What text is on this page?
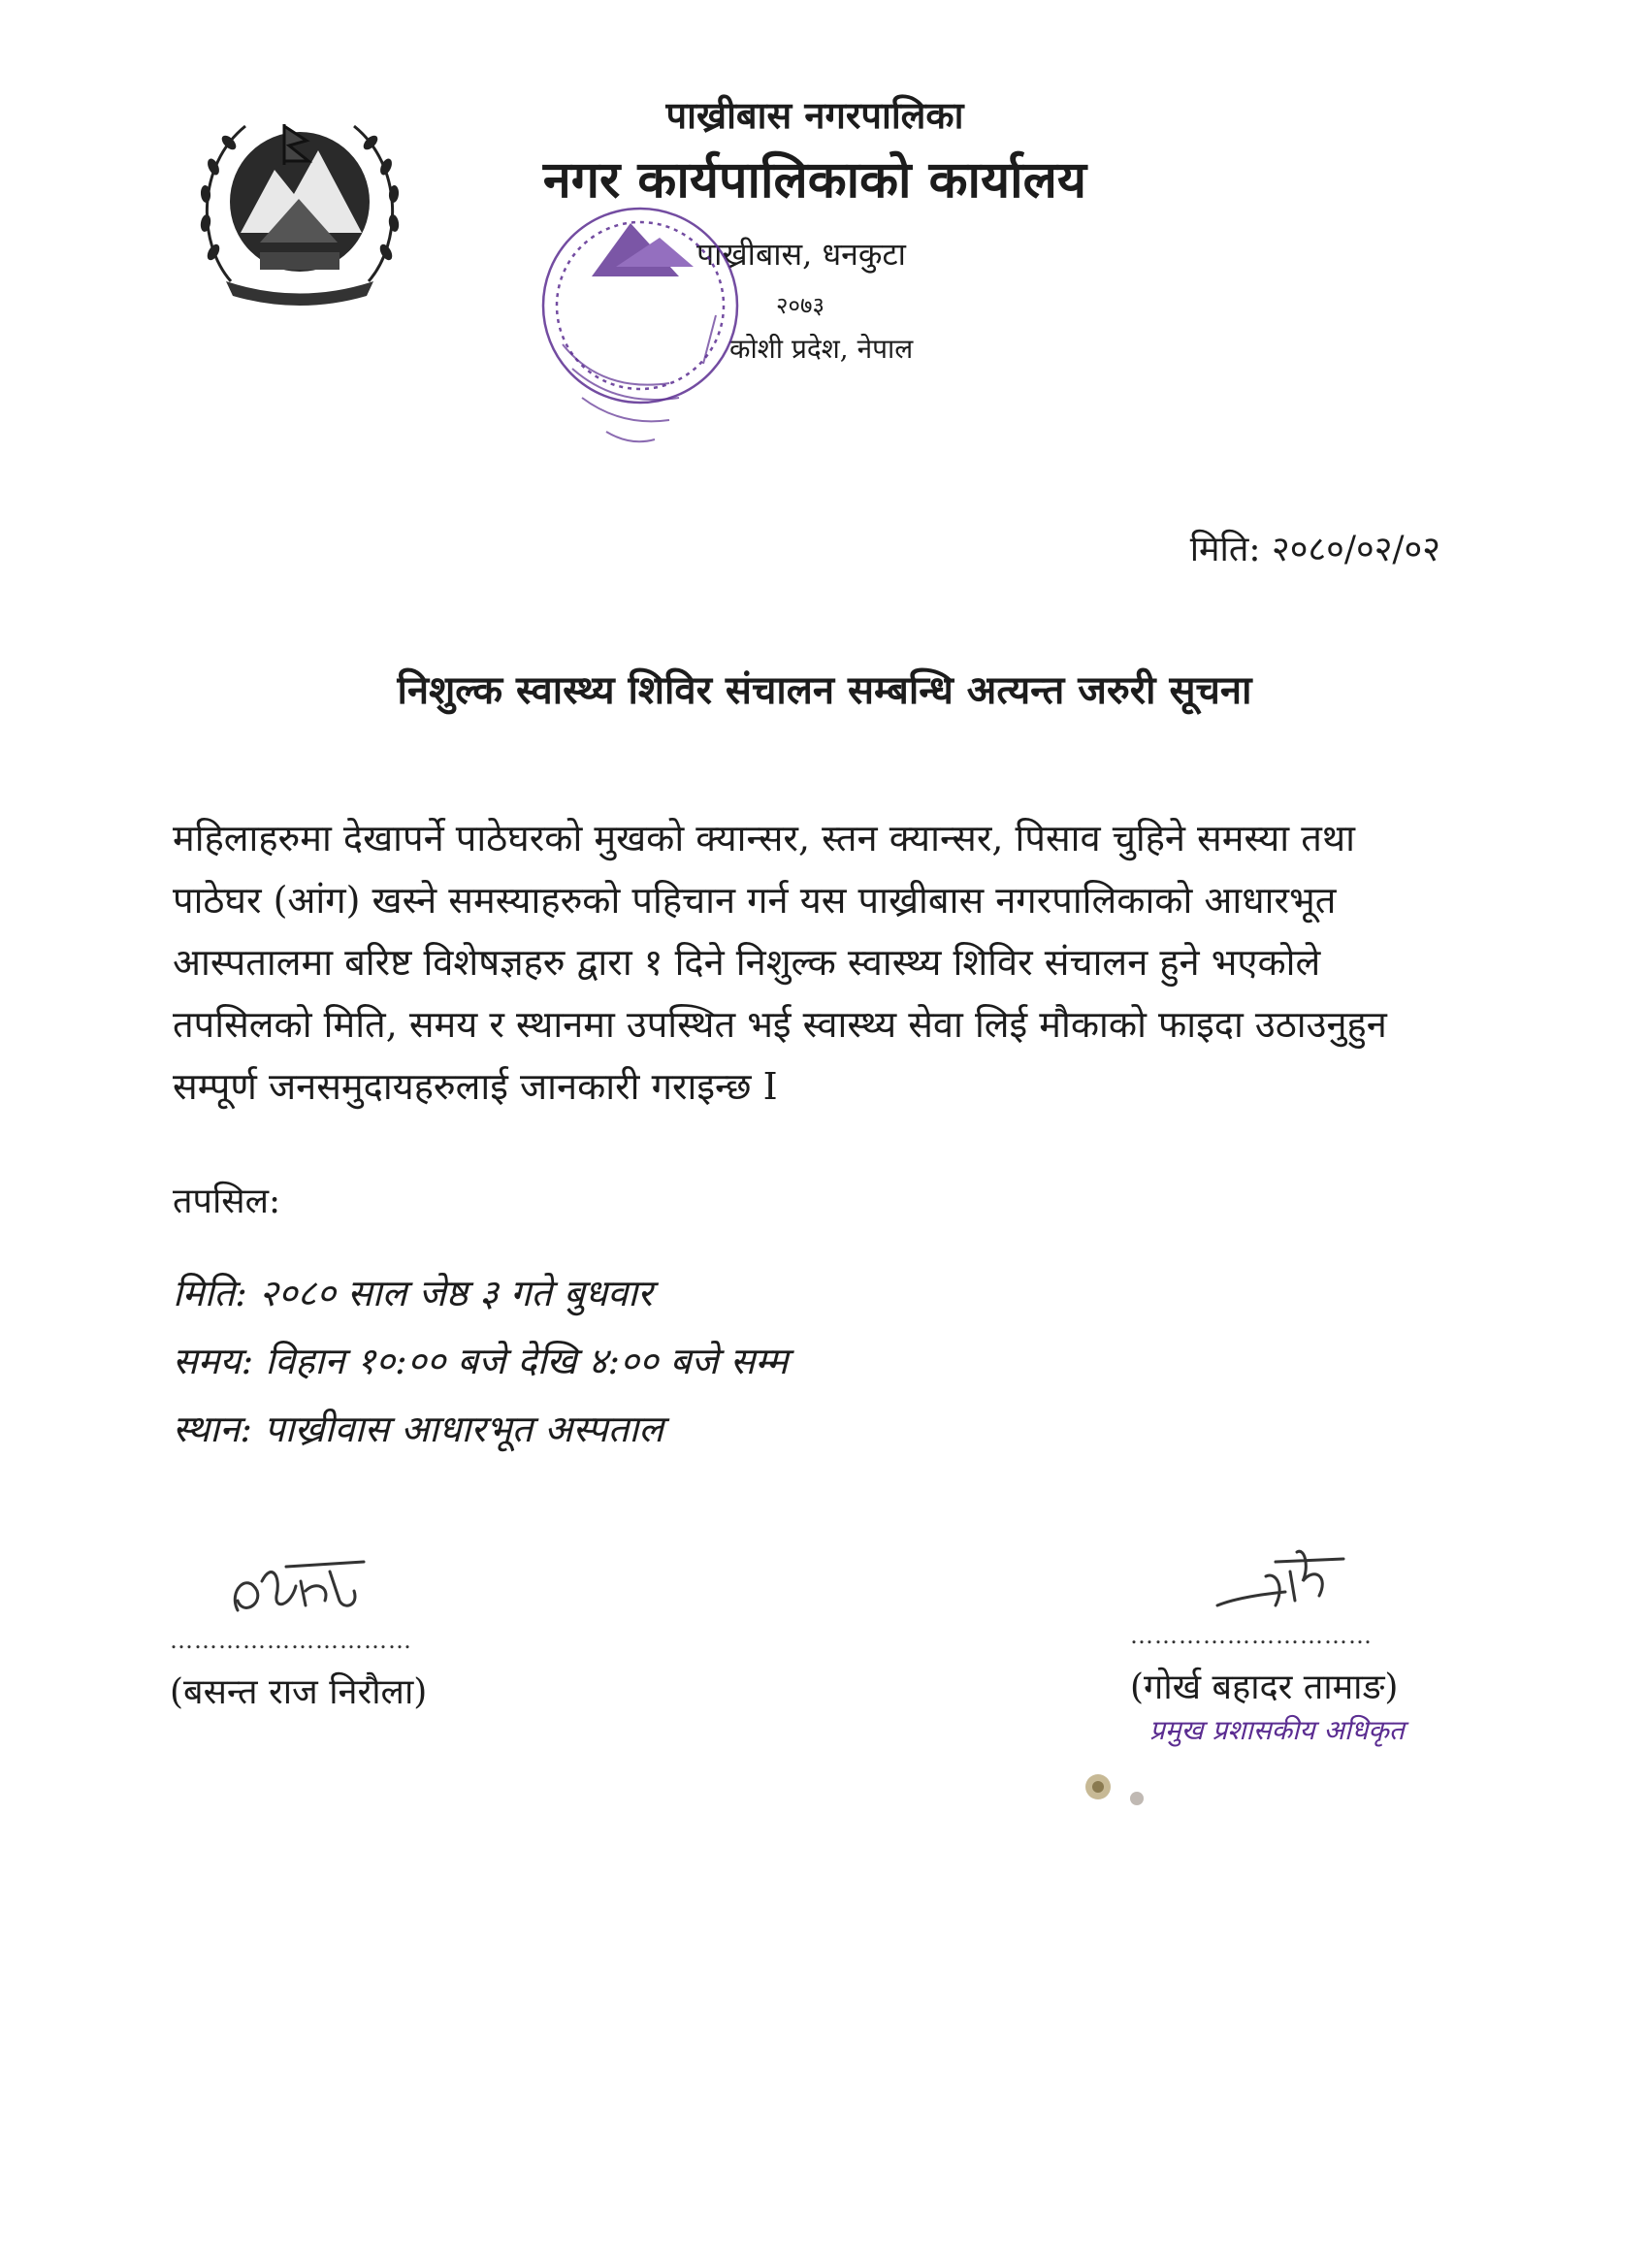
पाख्रीबास नगरपालिका
नगर कार्यपालिकाको कार्यालय
पाख्रीबास, धनकुटा
२०७३
कोशी प्रदेश, नेपाल
मिति: २०८०/०२/०२
निशुल्क स्वास्थ्य शिविर संचालन सम्बन्धि अत्यन्त जरुरी सूचना
महिलाहरुमा देखापर्ने पाठेघरको मुखको क्यान्सर, स्तन क्यान्सर, पिसाव चुहिने समस्या तथा
पाठेघर (आंग) खस्ने समस्याहरुको पहिचान गर्न यस पाख्रीबास नगरपालिकाको आधारभूत
आस्पतालमा बरिष्ट विशेषज्ञहरु द्वारा १ दिने निशुल्क स्वास्थ्य शिविर संचालन हुने भएकोले
तपसिलको मिति, समय र स्थानमा उपस्थित भई स्वास्थ्य सेवा लिई मौकाको फाइदा उठाउनुहुन
सम्पूर्ण जनसमुदायहरुलाई जानकारी गराइन्छ I
तपसिल:
मिति: २०८० साल जेष्ठ ३ गते बुधवार
समय: विहान १०:०० बजे देखि ४:०० बजे सम्म
स्थान: पाख्रीवास आधारभूत अस्पताल
…………………………
(बसन्त राज निरौला)
…………………………
(गोर्ख बहादर तामाङ)
प्रमुख प्रशासकीय अधिकृत
